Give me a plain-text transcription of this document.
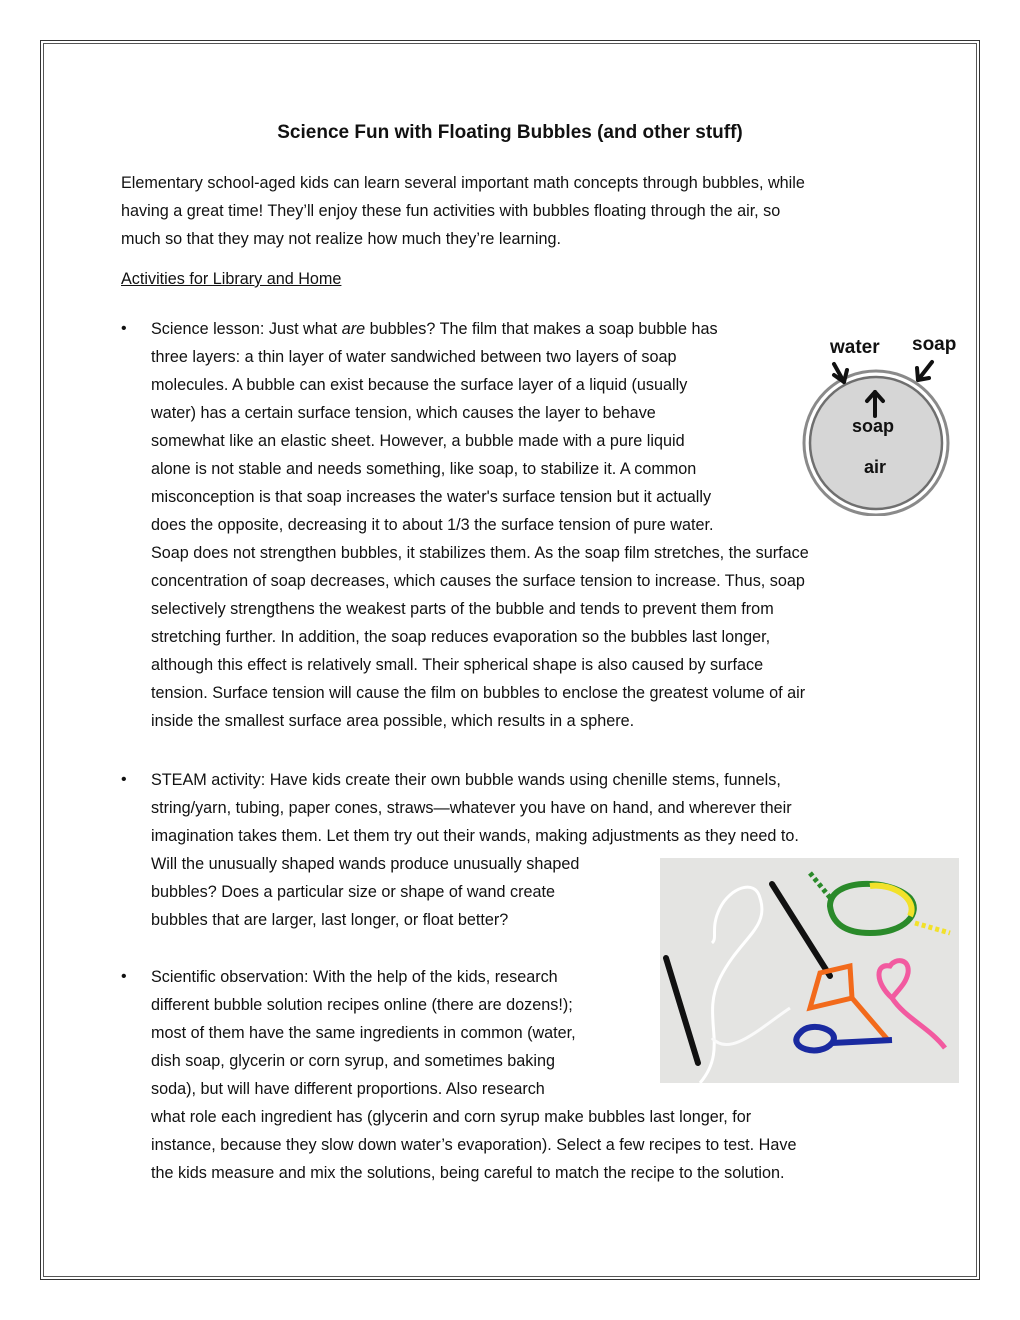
Science Fun with Floating Bubbles (and other stuff)

Elementary school-aged kids can learn several important math concepts through bubbles, while
having a great time! They’ll enjoy these fun activities with bubbles floating through the air, so
much so that they may not realize how much they’re learning.

Activities for Library and Home

• Science lesson: Just what are bubbles? The film that makes a soap bubble has
three layers: a thin layer of water sandwiched between two layers of soap
molecules. A bubble can exist because the surface layer of a liquid (usually
water) has a certain surface tension, which causes the layer to behave
somewhat like an elastic sheet. However, a bubble made with a pure liquid
alone is not stable and needs something, like soap, to stabilize it. A common
misconception is that soap increases the water's surface tension but it actually
does the opposite, decreasing it to about 1/3 the surface tension of pure water.
Soap does not strengthen bubbles, it stabilizes them. As the soap film stretches, the surface
concentration of soap decreases, which causes the surface tension to increase. Thus, soap
selectively strengthens the weakest parts of the bubble and tends to prevent them from
stretching further. In addition, the soap reduces evaporation so the bubbles last longer,
although this effect is relatively small. Their spherical shape is also caused by surface
tension. Surface tension will cause the film on bubbles to enclose the greatest volume of air
inside the smallest surface area possible, which results in a sphere.

water soap
soap
air
• STEAM activity: Have kids create their own bubble wands using chenille stems, funnels,
string/yarn, tubing, paper cones, straws—whatever you have on hand, and wherever their
imagination takes them. Let them try out their wands, making adjustments as they need to.
Will the unusually shaped wands produce unusually shaped
bubbles? Does a particular size or shape of wand create
bubbles that are larger, last longer, or float better?

• Scientific observation: With the help of the kids, research
different bubble solution recipes online (there are dozens!);
most of them have the same ingredients in common (water,
dish soap, glycerin or corn syrup, and sometimes baking
soda), but will have different proportions. Also research
what role each ingredient has (glycerin and corn syrup make bubbles last longer, for
instance, because they slow down water’s evaporation). Select a few recipes to test. Have
the kids measure and mix the solutions, being careful to match the recipe to the solution.
